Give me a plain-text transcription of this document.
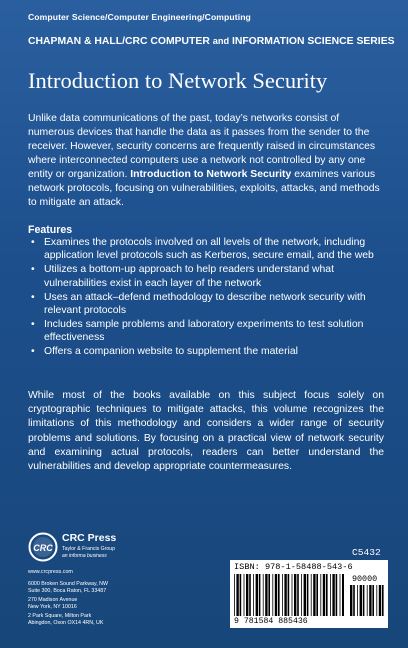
Computer Science/Computer Engineering/Computing
CHAPMAN & HALL/CRC COMPUTER and INFORMATION SCIENCE SERIES
Introduction to Network Security

Unlike data communications of the past, today’s networks consist of numerous devices that handle the data as it passes from the sender to the receiver. However, security concerns are frequently raised in circumstances where interconnected computers use a network not controlled by any one entity or organization. Introduction to Network Security examines various network protocols, focusing on vulnerabilities, exploits, attacks, and methods to mitigate an attack.

Features
• Examines the protocols involved on all levels of the network, including application level protocols such as Kerberos, secure email, and the web
• Utilizes a bottom-up approach to help readers understand what vulnerabilities exist in each layer of the network
• Uses an attack–defend methodology to describe network security with relevant protocols
• Includes sample problems and laboratory experiments to test solution effectiveness
• Offers a companion website to supplement the material

While most of the books available on this subject focus solely on cryptographic techniques to mitigate attacks, this volume recognizes the limitations of this methodology and considers a wider range of security problems and solutions. By focusing on a practical view of network security and examining actual protocols, readers can better understand the vulnerabilities and develop appropriate countermeasures.

CRC
CRC Press
Taylor & Francis Group
an informa business
www.crcpress.com
6000 Broken Sound Parkway, NW
Suite 300, Boca Raton, FL 33487
270 Madison Avenue
New York, NY 10016
2 Park Square, Milton Park
Abingdon, Oxon OX14 4RN, UK
C5432
ISBN: 978-1-58488-543-6
90000
9 781584 885436
